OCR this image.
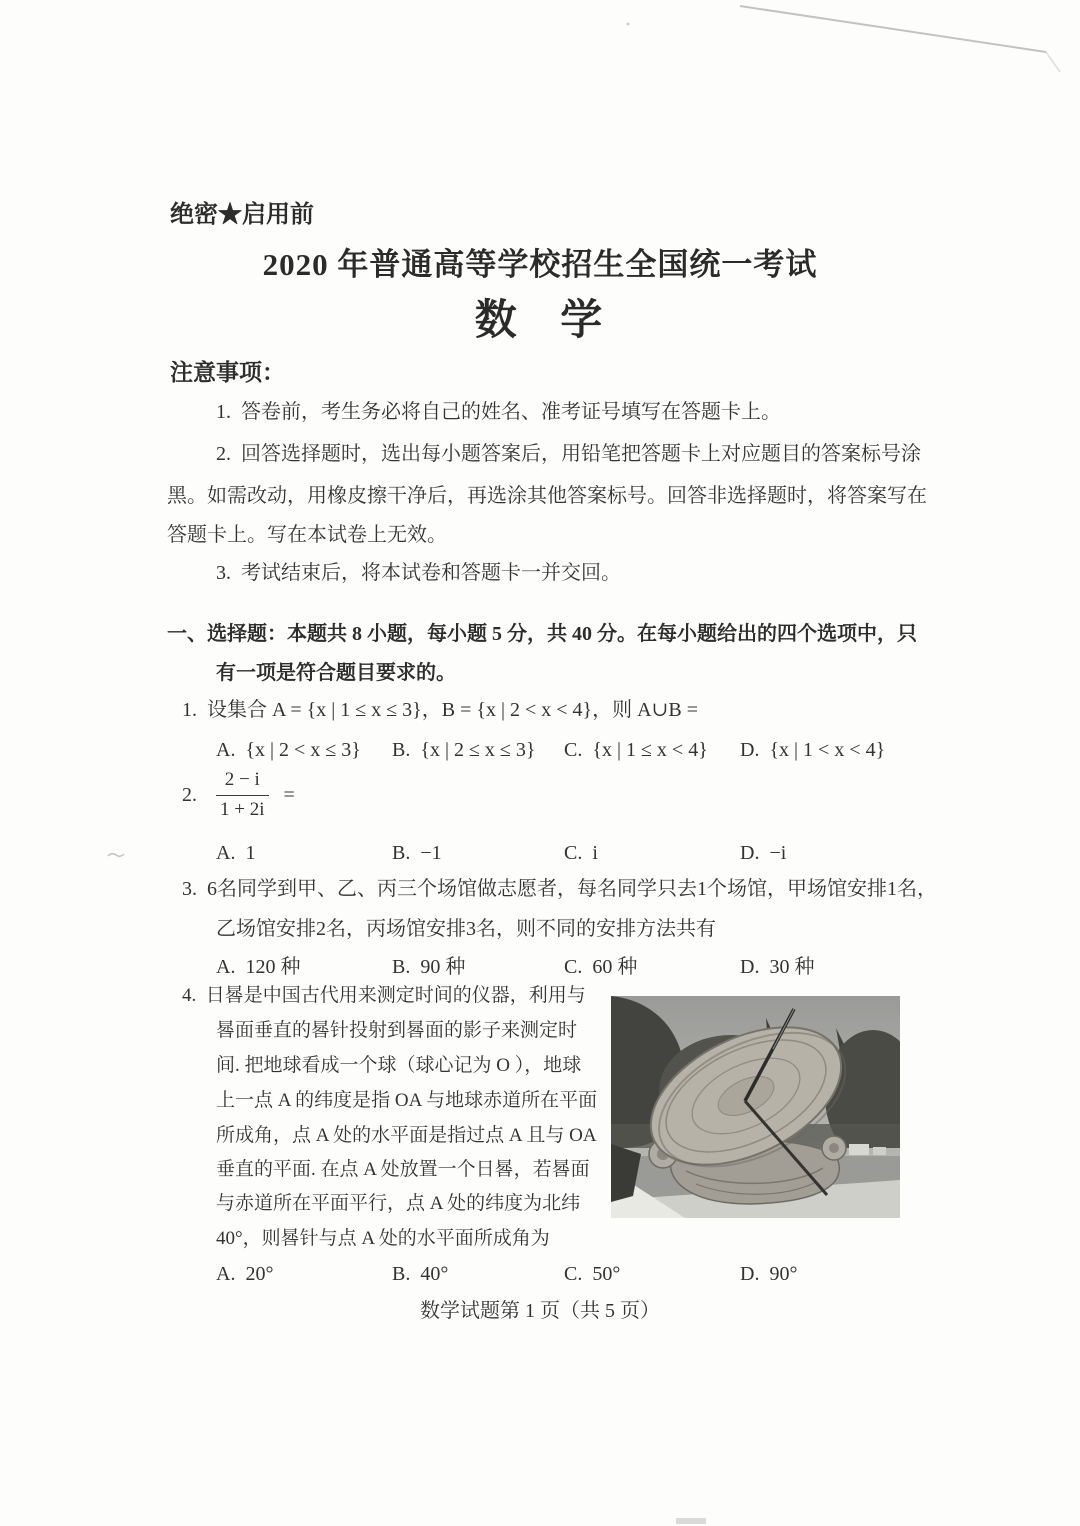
绝密★启用前
2020 年普通高等学校招生全国统一考试
数   学
注意事项：
1.  答卷前，考生务必将自己的姓名、准考证号填写在答题卡上。
2.  回答选择题时，选出每小题答案后，用铅笔把答题卡上对应题目的答案标号涂
黑。如需改动，用橡皮擦干净后，再选涂其他答案标号。回答非选择题时，将答案写在
答题卡上。写在本试卷上无效。
3.  考试结束后，将本试卷和答题卡一并交回。
一、选择题：本题共 8 小题，每小题 5 分，共 40 分。在每小题给出的四个选项中，只
有一项是符合题目要求的。
1.  设集合 A = {x | 1 ≤ x ≤ 3}，B = {x | 2 < x < 4}，则 A∪B =
A.  {x | 2 < x ≤ 3}	B.  {x | 2 ≤ x ≤ 3}	C.  {x | 1 ≤ x < 4}	D.  {x | 1 < x < 4}
2. $\frac{2 - i}{1 + 2i}$ =
A.  1	B.  −1	C.  i	D.  −i
3.  6名同学到甲、乙、丙三个场馆做志愿者，每名同学只去1个场馆，甲场馆安排1名，
乙场馆安排2名，丙场馆安排3名，则不同的安排方法共有
A.  120 种	B.  90 种	C.  60 种	D.  30 种
4.  日晷是中国古代用来测定时间的仪器，利用与
晷面垂直的晷针投射到晷面的影子来测定时
间. 把地球看成一个球（球心记为 O ），地球
上一点 A 的纬度是指 OA 与地球赤道所在平面
所成角，点 A 处的水平面是指过点 A 且与 OA
垂直的平面. 在点 A 处放置一个日晷，若晷面
与赤道所在平面平行，点 A 处的纬度为北纬
40°，则晷针与点 A 处的水平面所成角为
A.  20°	B.  40°	C.  50°	D.  90°
数学试题第 1 页（共 5 页）
